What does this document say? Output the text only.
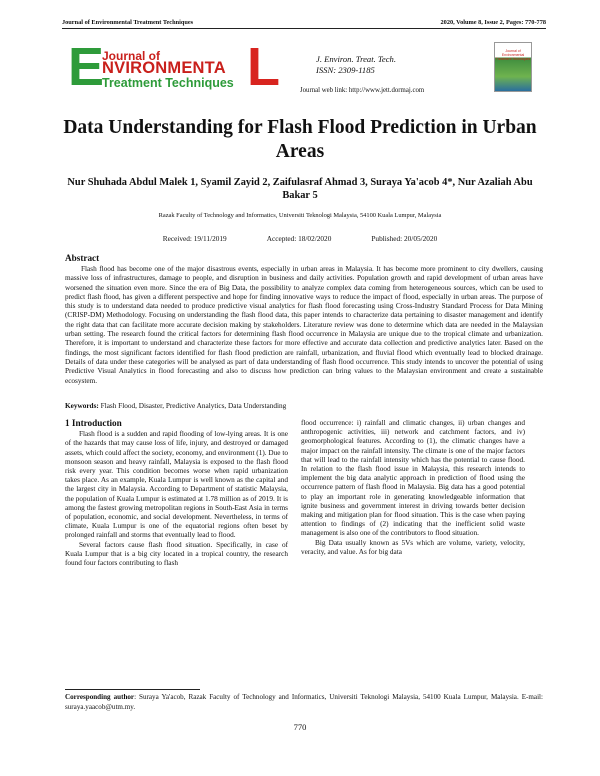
Journal of Environmental Treatment Techniques	2020, Volume 8, Issue 2, Pages: 770-778
E
Journal of
NVIRONMENTA
Treatment Techniques L	J. Environ. Treat. Tech.
ISSN: 2309-1185
Journal web link: http://www.jett.dormaj.com
Journal of Environmental Treatment Techniques
Data Understanding for Flash Flood Prediction in Urban Areas
Nur Shuhada Abdul Malek 1, Syamil Zayid 2, Zaifulasraf Ahmad 3, Suraya Ya'acob 4*, Nur Azaliah Abu Bakar 5
Razak Faculty of Technology and Informatics, Universiti Teknologi Malaysia, 54100 Kuala Lumpur, Malaysia
Received: 19/11/2019	Accepted: 18/02/2020	Published: 20/05/2020
Abstract
Flash flood has become one of the major disastrous events, especially in urban areas in Malaysia. It has become more prominent to city dwellers, causing massive loss of infrastructures, damage to people, and disruption in business and daily activities. Population growth and rapid development of urban areas have worsened the situation even more. Since the era of Big Data, the possibility to analyze complex data coming from heterogeneous sources, which can be used to predict flash flood, has given a different perspective and hope for finding innovative ways to reduce the impact of flood, especially in urban areas. The purpose of this study is to understand data needed to produce predictive visual analytics for flash flood forecasting using Cross-Industry Standard Process for Data Mining (CRISP-DM) Methodology. Focusing on understanding the flash flood data, this paper intends to characterize data pertaining to disaster management and identify the right data that can facilitate more accurate decision making by stakeholders. Literature review was done to determine which data are needed in the Malaysian urban setting. The research found the critical factors for determining flash flood occurrence in Malaysia are unique due to the tropical climate and urbanization. Therefore, it is important to understand and characterize these factors for more effective and accurate data collection and predictive analytics later. Based on the findings, the most significant factors identified for flash flood prediction are rainfall, urbanization, and fluvial flood which eventually lead to blocked drainage. Details of data under these categories will be analysed as part of data understanding of flash flood occurrence. This study intends to uncover the potential of using Predictive Visual Analytics in flood forecasting and also to discuss how prediction can bring values to the Malaysian environment and create a sustainable ecosystem.
Keywords: Flash Flood, Disaster, Predictive Analytics, Data Understanding
1 Introduction

Flash flood is a sudden and rapid flooding of low-lying areas. It is one of the hazards that may cause loss of life, injury, and destroyed or damaged assets, which could affect the society, economy, and environment (1). Due to monsoon season and heavy rainfall, Malaysia is exposed to the flash flood risk every year. This condition becomes worse when rapid urbanization takes place. As an example, Kuala Lumpur is well known as the capital and the largest city in Malaysia. According to Department of statistic Malaysia, the population of Kuala Lumpur is estimated at 1.78 million as of 2019. It is among the fastest growing metropolitan regions in South-East Asia in terms of population, economic, and social development. Nevertheless, in terms of climate, Kuala Lumpur is one of the equatorial regions often beset by prolonged rainfall and storms that eventually lead to flood.

Several factors cause flash flood situation. Specifically, in case of Kuala Lumpur that is a big city located in a tropical country, the research found four factors contributing to flash

flood occurrence: i) rainfall and climatic changes, ii) urban changes and anthropogenic activities, iii) network and catchment factors, and iv) geomorphological features. According to (1), the climatic changes have a major impact on the rainfall intensity. The climate is one of the major factors that will lead to the rainfall intensity which has the potential to cause flood. In relation to the flash flood issue in Malaysia, this research intends to implement the big data analytic approach in prediction of flood using the occurrence pattern of flash flood in Malaysia. Big data has a good potential to play an important role in generating knowledgeable information that ignite business and government interest in driving towards better decision making and mitigation plan for flood situation. This is the case when paying attention to findings of (2) indicating that the inefficient solid waste management is also one of the contributors to flood situation.

Big Data usually known as 5Vs which are volume, variety, velocity, veracity, and value. As for big data

Corresponding author: Suraya Ya'acob, Razak Faculty of Technology and Informatics, Universiti Teknologi Malaysia, 54100 Kuala Lumpur, Malaysia. E-mail: suraya.yaacob@utm.my.
770
